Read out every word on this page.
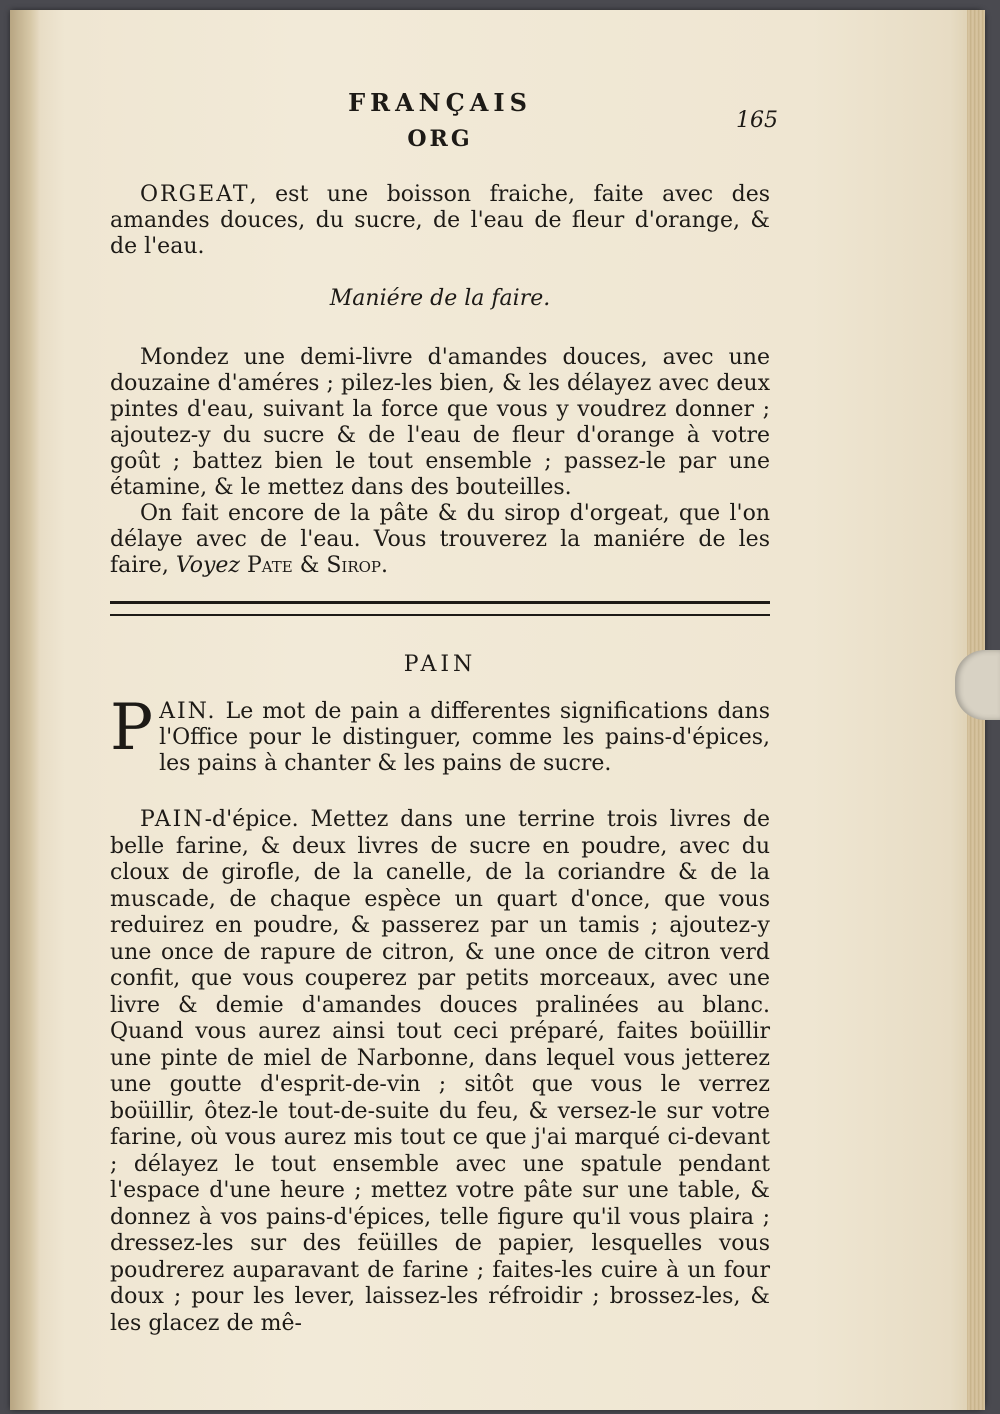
FRANÇAIS
165
ORG

ORGEAT, est une boisson fraiche, faite avec des amandes douces, du sucre, de l'eau de fleur d'orange, & de l'eau.

Maniére de la faire.

Mondez une demi-livre d'amandes douces, avec une douzaine d'améres ; pilez-les bien, & les délayez avec deux pintes d'eau, suivant la force que vous y voudrez donner ; ajoutez-y du sucre & de l'eau de fleur d'orange à votre goût ; battez bien le tout ensemble ; passez-le par une étamine, & le mettez dans des bouteilles.

On fait encore de la pâte & du sirop d'orgeat, que l'on délaye avec de l'eau. Vous trouverez la maniére de les faire, Voyez Pate & Sirop.

PAIN

PAIN. Le mot de pain a differentes significations dans l'Office pour le distinguer, comme les pains-d'épices, les pains à chanter & les pains de sucre.

PAIN-d'épice. Mettez dans une terrine trois livres de belle farine, & deux livres de sucre en poudre, avec du cloux de girofle, de la canelle, de la coriandre & de la muscade, de chaque espèce un quart d'once, que vous reduirez en poudre, & passerez par un tamis ; ajoutez-y une once de rapure de citron, & une once de citron verd confit, que vous couperez par petits morceaux, avec une livre & demie d'amandes douces pralinées au blanc. Quand vous aurez ainsi tout ceci préparé, faites boüillir une pinte de miel de Narbonne, dans lequel vous jetterez une goutte d'esprit-de-vin ; sitôt que vous le verrez boüillir, ôtez-le tout-de-suite du feu, & versez-le sur votre farine, où vous aurez mis tout ce que j'ai marqué ci-devant ; délayez le tout ensemble avec une spatule pendant l'espace d'une heure ; mettez votre pâte sur une table, & donnez à vos pains-d'épices, telle figure qu'il vous plaira ; dressez-les sur des feüilles de papier, lesquelles vous poudrerez auparavant de farine ; faites-les cuire à un four doux ; pour les lever, laissez-les réfroidir ; brossez-les, & les glacez de mê-
